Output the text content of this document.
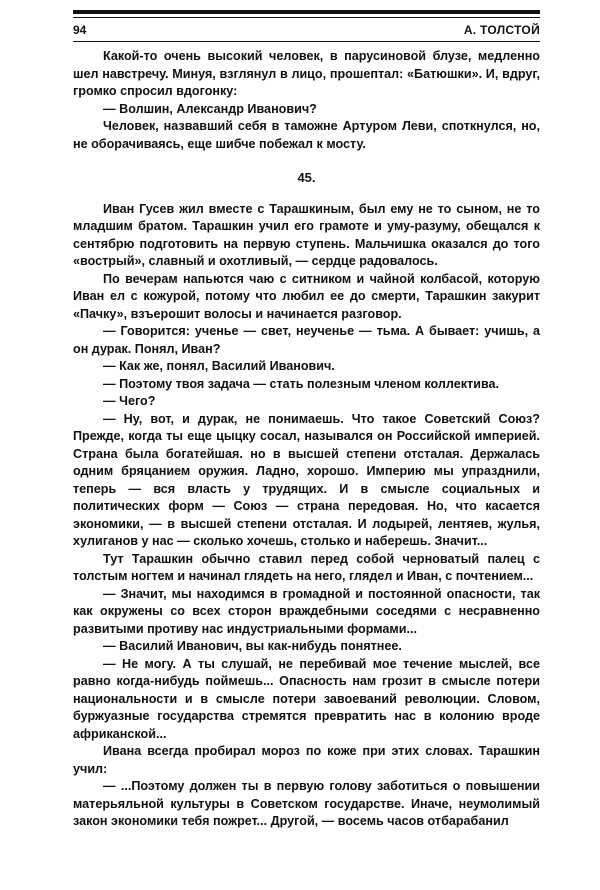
94	А. ТОЛСТОЙ

Какой-то очень высокий человек, в парусиновой блузе, медленно шел навстречу. Минуя, взглянул в лицо, прошептал: «Батюшки». И, вдруг, громко спросил вдогонку:

— Волшин, Александр Иванович?

Человек, назвавший себя в таможне Артуром Леви, споткнулся, но, не оборачиваясь, еще шибче побежал к мосту.

45.

Иван Гусев жил вместе с Тарашкиным, был ему не то сыном, не то младшим братом. Тарашкин учил его грамоте и уму-разуму, обещался к сентябрю подготовить на первую ступень. Мальчишка оказался до того «вострый», славный и охотливый, — сердце радовалось.

По вечерам напьются чаю с ситником и чайной колбасой, которую Иван ел с кожурой, потому что любил ее до смерти, Тарашкин закурит «Пачку», взъерошит волосы и начинается разговор.

— Говорится: ученье — свет, неученье — тьма. А бывает: учишь, а он дурак. Понял, Иван?

— Как же, понял, Василий Иванович.

— Поэтому твоя задача — стать полезным членом коллектива.

— Чего?

— Ну, вот, и дурак, не понимаешь. Что такое Советский Союз? Прежде, когда ты еще цыцку сосал, назывался он Российской империей. Страна была богатейшая. но в высшей степени отсталая. Держалась одним бряцанием оружия. Ладно, хорошо. Империю мы упразднили, теперь — вся власть у трудящих. И в смысле социальных и политических форм — Союз — страна передовая. Но, что касается экономики, — в высшей степени отсталая. И лодырей, лентяев, жулья, хулиганов у нас — сколько хочешь, столько и наберешь. Значит...

Тут Тарашкин обычно ставил перед собой черноватый палец с толстым ногтем и начинал глядеть на него, глядел и Иван, с почтением...

— Значит, мы находимся в громадной и постоянной опасности, так как окружены со всех сторон враждебными соседями с несравненно развитыми противу нас индустриальными формами...

— Василий Иванович, вы как-нибудь понятнее.

— Не могу. А ты слушай, не перебивай мое течение мыслей, все равно когда-нибудь поймешь... Опасность нам грозит в смысле потери национальности и в смысле потери завоеваний революции. Словом, буржуазные государства стремятся превратить нас в колонию вроде африканской...

Ивана всегда пробирал мороз по коже при этих словах. Тарашкин учил:

— ...Поэтому должен ты в первую голову заботиться о повышении матерьяльной культуры в Советском государстве. Иначе, неумолимый закон экономики тебя пожрет... Другой, — восемь часов отбарабанил
